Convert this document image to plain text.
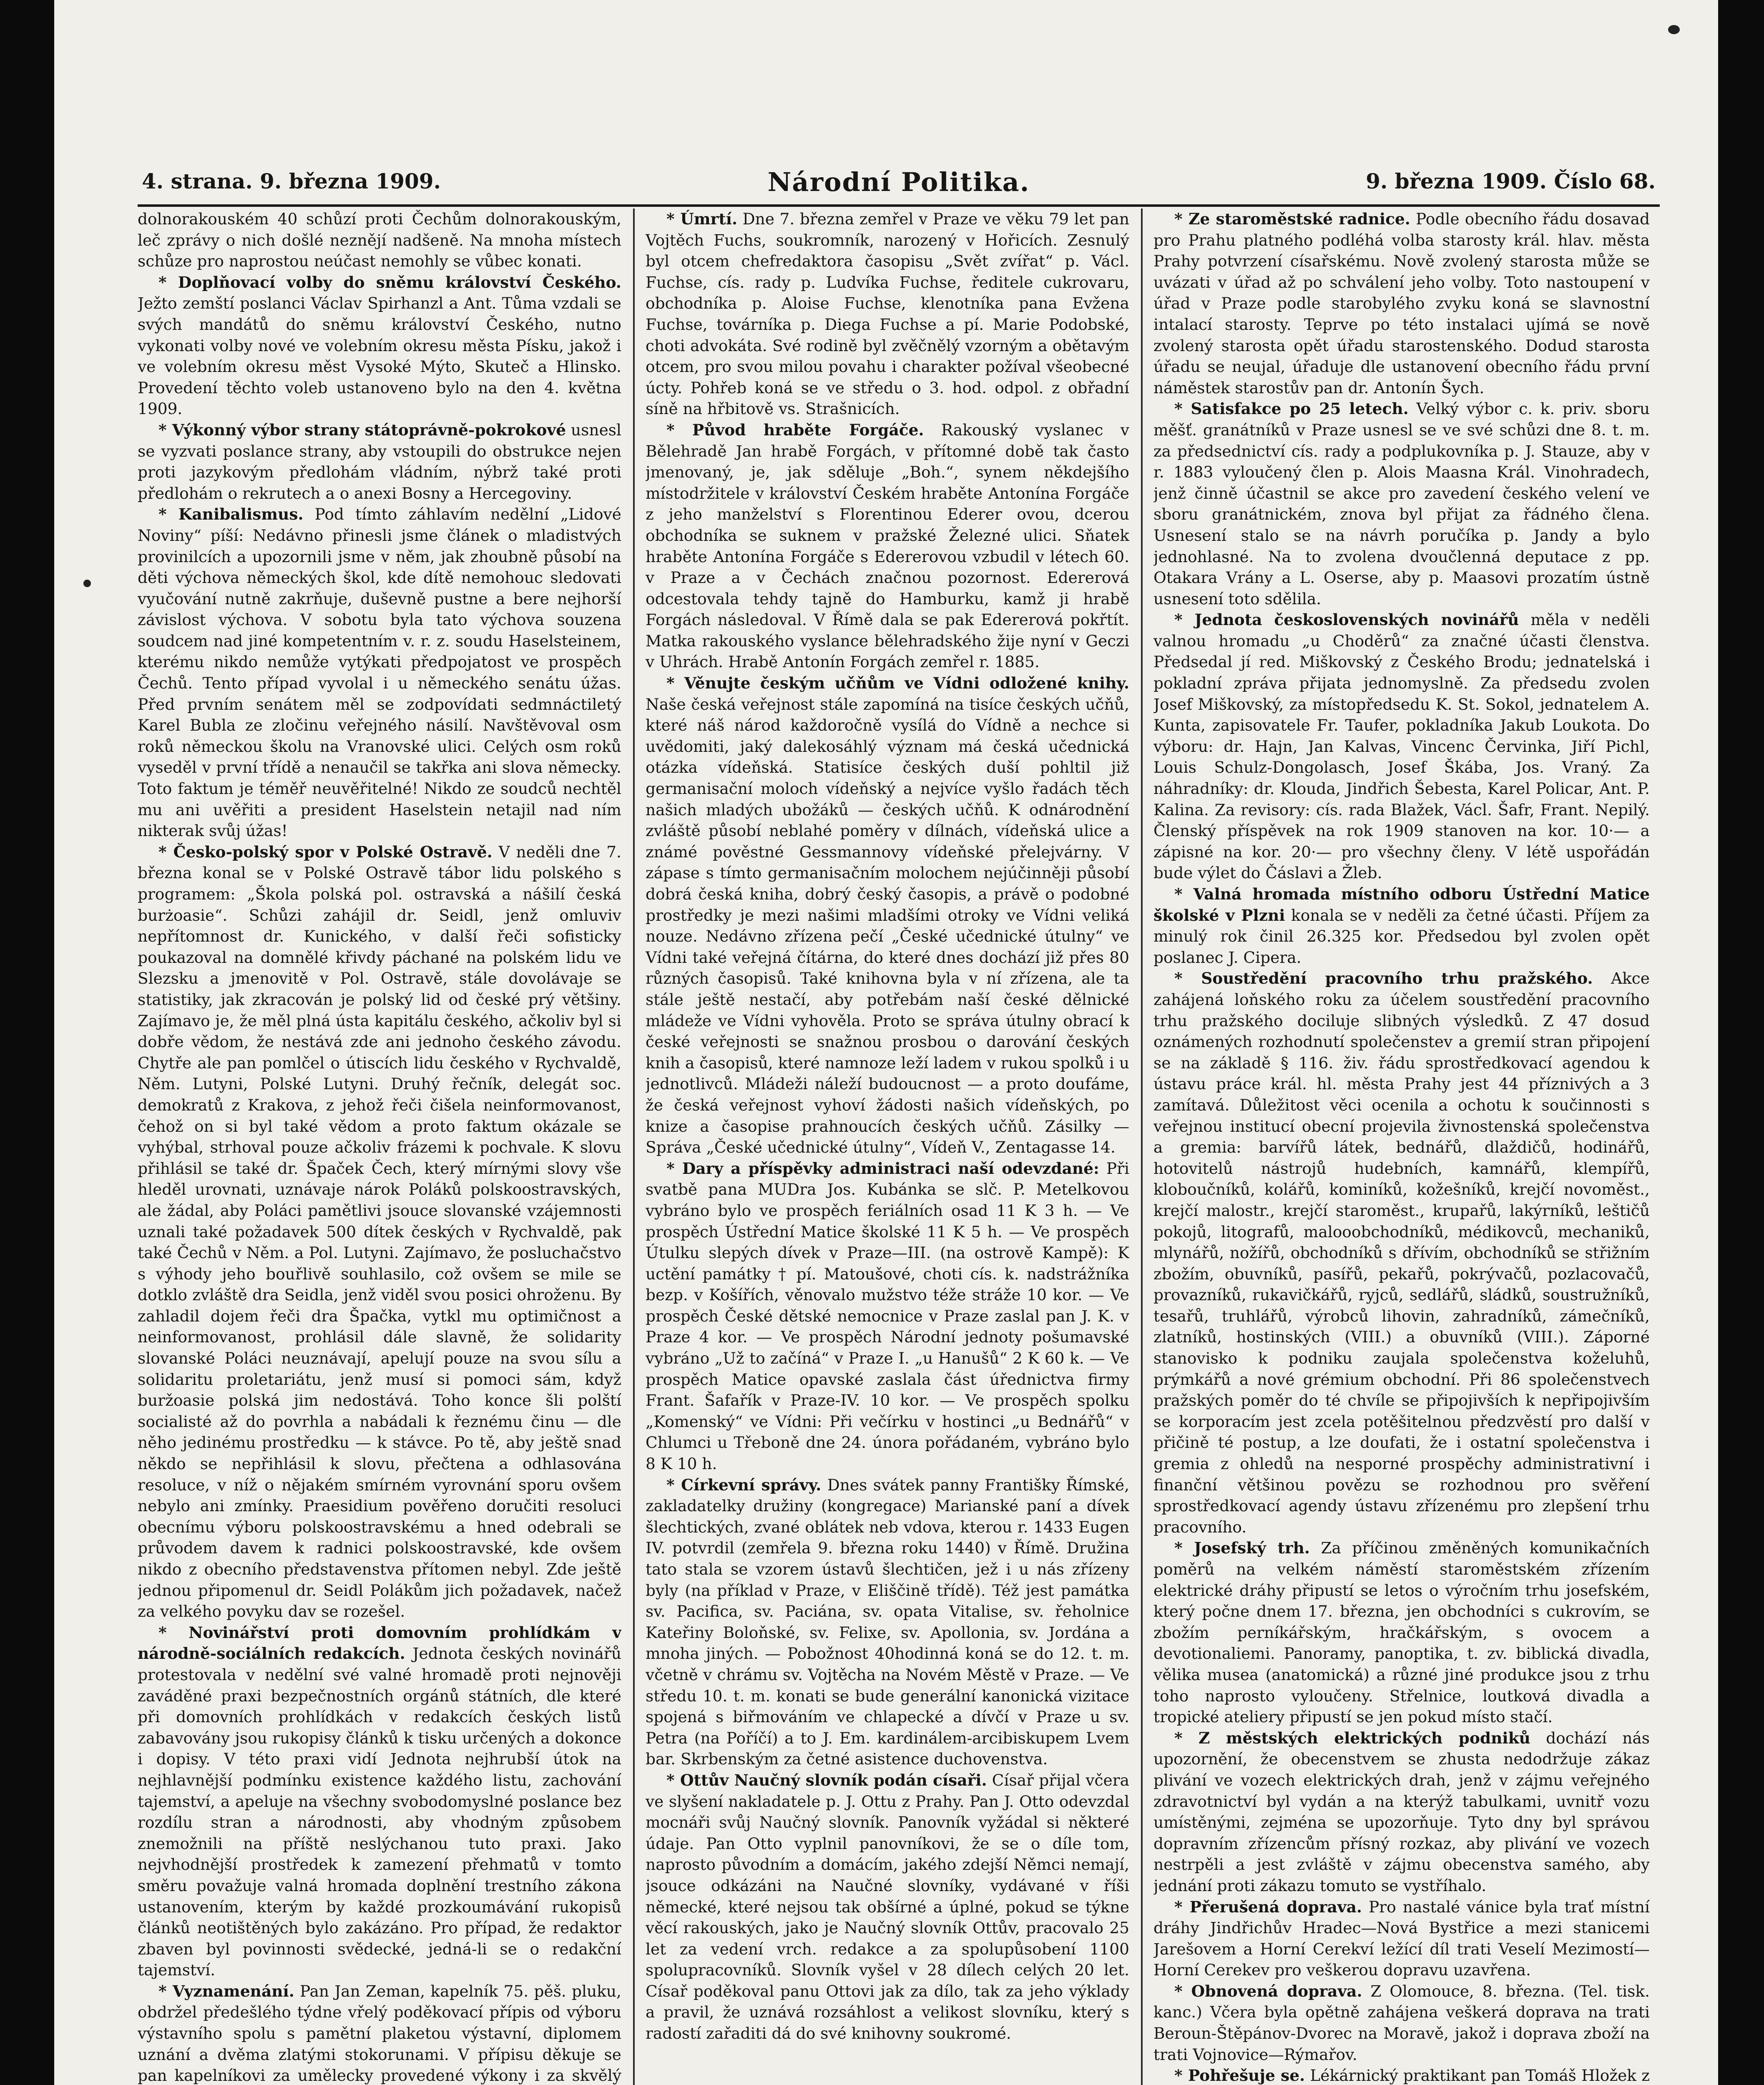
4. strana. 9. března 1909.	Národní Politika.	9. března 1909. Číslo 68.

dolnorakouském 40 schůzí proti Čechům dolnorakouským, leč zprávy o nich došlé neznějí nadšeně. Na mnoha místech schůze pro naprostou neúčast nemohly se vůbec konati.

* Doplňovací volby do sněmu království Českého. Ježto zemští poslanci Václav Spirhanzl a Ant. Tůma vzdali se svých mandátů do sněmu království Českého, nutno vykonati volby nové ve volebním okresu města Písku, jakož i ve volebním okresu měst Vysoké Mýto, Skuteč a Hlinsko. Provedení těchto voleb ustanoveno bylo na den 4. května 1909.

* Výkonný výbor strany státoprávně-pokrokové usnesl se vyzvati poslance strany, aby vstoupili do obstrukce nejen proti jazykovým předlohám vládním, nýbrž také proti předlohám o rekrutech a o anexi Bosny a Hercegoviny.

* Kanibalismus. Pod tímto záhlavím nedělní „Lidové Noviny“ píší: Nedávno přinesli jsme článek o mladistvých provinilcích a upozornili jsme v něm, jak zhoubně působí na děti výchova německých škol, kde dítě nemohouc sledovati vyučování nutně zakrňuje, duševně pustne a bere nejhorší závislost výchova. V sobotu byla tato výchova souzena soudcem nad jiné kompetentním v. r. z. soudu Haselsteinem, kterému nikdo nemůže vytýkati předpojatost ve prospěch Čechů. Tento případ vyvolal i u německého senátu úžas. Před prvním senátem měl se zodpovídati sedmnáctiletý Karel Bubla ze zločinu veřejného násilí. Navštěvoval osm roků německou školu na Vranovské ulici. Celých osm roků vyseděl v první třídě a nenaučil se takřka ani slova německy. Toto faktum je téměř neuvěřitelné! Nikdo ze soudců nechtěl mu ani uvěřiti a president Haselstein netajil nad ním nikterak svůj úžas!

* Česko-polský spor v Polské Ostravě. V neděli dne 7. března konal se v Polské Ostravě tábor lidu polského s programem: „Škola polská pol. ostravská a nášilí česká burżoasie“. Schůzi zahájil dr. Seidl, jenž omluviv nepřítomnost dr. Kunického, v další řeči sofisticky poukazoval na domnělé křivdy páchané na polském lidu ve Slezsku a jmenovitě v Pol. Ostravě, stále dovolávaje se statistiky, jak zkracován je polský lid od české prý většiny. Zajímavo je, že měl plná ústa kapitálu českého, ačkoliv byl si dobře vědom, že nestává zde ani jednoho českého závodu. Chytře ale pan pomlčel o útiscích lidu českého v Rychvaldě, Něm. Lutyni, Polské Lutyni. Druhý řečník, delegát soc. demokratů z Krakova, z jehož řeči čišela neinformovanost, čehož on si byl také vědom a proto faktum okázale se vyhýbal, strhoval pouze ačkoliv frázemi k pochvale. K slovu přihlásil se také dr. Špaček Čech, který mírnými slovy vše hleděl urovnati, uznávaje nárok Poláků polskoostravských, ale žádal, aby Poláci pamětlivi jsouce slovanské vzájemnosti uznali také požadavek 500 dítek českých v Rychvaldě, pak také Čechů v Něm. a Pol. Lutyni. Zajímavo, že posluchačstvo s výhody jeho bouřlivě souhlasilo, což ovšem se mile se dotklo zvláště dra Seidla, jenž viděl svou posici ohroženu. By zahladil dojem řeči dra Špačka, vytkl mu optimičnost a neinformovanost, prohlásil dále slavně, že solidarity slovanské Poláci neuznávají, apelují pouze na svou sílu a solidaritu proletariátu, jenž musí si pomoci sám, když buržoasie polská jim nedostává. Toho konce šli polští socialisté až do povrhla a nabádali k řeznému činu — dle něho jedinému prostředku — k stávce. Po tě, aby ještě snad někdo se nepřihlásil k slovu, přečtena a odhlasována resoluce, v níž o nějakém smírném vyrovnání sporu ovšem nebylo ani zmínky. Praesidium pověřeno doručiti resoluci obecnímu výboru polskoostravskému a hned odebrali se průvodem davem k radnici polskoostravské, kde ovšem nikdo z obecního představenstva přítomen nebyl. Zde ještě jednou připomenul dr. Seidl Polákům jich požadavek, načež za velkého povyku dav se rozešel.

* Novinářství proti domovním prohlídkám v národně-sociálních redakcích. Jednota českých novinářů protestovala v nedělní své valné hromadě proti nejnověji zaváděné praxi bezpečnostních orgánů státních, dle které při domovních prohlídkách v redakcích českých listů zabavovány jsou rukopisy článků k tisku určených a dokonce i dopisy. V této praxi vidí Jednota nejhrubší útok na nejhlavnější podmínku existence každého listu, zachování tajemství, a apeluje na všechny svobodomyslné poslance bez rozdílu stran a národnosti, aby vhodným způsobem znemožnili na příště neslýchanou tuto praxi. Jako nejvhodnější prostředek k zamezení přehmatů v tomto směru považuje valná hromada doplnění trestního zákona ustanovením, kterým by každé prozkoumávání rukopisů článků neotištěných bylo zakázáno. Pro případ, že redaktor zbaven byl povinnosti svědecké, jedná-li se o redakční tajemství.

* Vyznamenání. Pan Jan Zeman, kapelník 75. pěš. pluku, obdržel předešlého týdne vřelý poděkovací přípis od výboru výstavního spolu s pamětní plaketou výstavní, diplomem uznání a dvěma zlatými stokorunami. V přípisu děkuje se pan kapelníkovi za umělecky provedené výkony i za skvělý

* Úmrtí. Dne 7. března zemřel v Praze ve věku 79 let pan Vojtěch Fuchs, soukromník, narozený v Hořicích. Zesnulý byl otcem chefredaktora časopisu „Svět zvířat“ p. Václ. Fuchse, cís. rady p. Ludvíka Fuchse, ředitele cukrovaru, obchodníka p. Aloise Fuchse, klenotníka pana Evžena Fuchse, továrníka p. Diega Fuchse a pí. Marie Podobské, choti advokáta. Své rodině byl zvěčnělý vzorným a obětavým otcem, pro svou milou povahu i charakter požíval všeobecné úcty. Pohřeb koná se ve středu o 3. hod. odpol. z obřadní síně na hřbitově vs. Strašnicích.

* Původ hraběte Forgáče. Rakouský vyslanec v Bělehradě Jan hrabě Forgách, v přítomné době tak často jmenovaný, je, jak sděluje „Boh.“, synem někdejšího místodržitele v království Českém hraběte Antonína Forgáče z jeho manželství s Florentinou Ederer ovou, dcerou obchodníka se suknem v pražské Železné ulici. Sňatek hraběte Antonína Forgáče s Edererovou vzbudil v létech 60. v Praze a v Čechách značnou pozornost. Edererová odcestovala tehdy tajně do Hamburku, kamž ji hrabě Forgách následoval. V Římě dala se pak Edererová pokřtít. Matka rakouského vyslance bělehradského žije nyní v Geczi v Uhrách. Hrabě Antonín Forgách zemřel r. 1885.

* Věnujte českým učňům ve Vídni odložené knihy. Naše česká veřejnost stále zapomíná na tisíce českých učňů, které náš národ každoročně vysílá do Vídně a nechce si uvědomiti, jaký dalekosáhlý význam má česká učednická otázka vídeňská. Statisíce českých duší pohltil již germanisační moloch vídeňský a nejvíce vyšlo řadách těch našich mladých ubožáků — českých učňů. K odnárodnění zvláště působí neblahé poměry v dílnách, vídeňská ulice a známé pověstné Gessmannovy vídeňské přelejvárny. V zápase s tímto germanisačním molochem nejúčinněji působí dobrá česká kniha, dobrý český časopis, a právě o podobné prostředky je mezi našimi mladšími otroky ve Vídni veliká nouze. Nedávno zřízena pečí „České učednické útulny“ ve Vídni také veřejná čítárna, do které dnes dochází již přes 80 různých časopisů. Také knihovna byla v ní zřízena, ale ta stále ještě nestačí, aby potřebám naší české dělnické mládeže ve Vídni vyhověla. Proto se správa útulny obrací k české veřejnosti se snažnou prosbou o darování českých knih a časopisů, které namnoze leží ladem v rukou spolků i u jednotlivců. Mládeži náleží budoucnost — a proto doufáme, že česká veřejnost vyhoví žádosti našich vídeňských, po knize a časopise prahnoucích českých učňů. Zásilky — Správa „České učednické útulny“, Vídeň V., Zentagasse 14.

* Dary a příspěvky administraci naší odevzdané: Při svatbě pana MUDra Jos. Kubánka se slč. P. Metelkovou vybráno bylo ve prospěch feriálních osad 11 K 3 h. — Ve prospěch Ústřední Matice školské 11 K 5 h. — Ve prospěch Útulku slepých dívek v Praze—III. (na ostrově Kampě): K uctění památky † pí. Matoušové, choti cís. k. nadstrážníka bezp. v Košířích, věnovalo mužstvo téže stráže 10 kor. — Ve prospěch České dětské nemocnice v Praze zaslal pan J. K. v Praze 4 kor. — Ve prospěch Národní jednoty pošumavské vybráno „Už to začíná“ v Praze I. „u Hanušů“ 2 K 60 k. — Ve prospěch Matice opavské zaslala část úřednictva firmy Frant. Šafařík v Praze-IV. 10 kor. — Ve prospěch spolku „Komenský“ ve Vídni: Při večírku v hostinci „u Bednářů“ v Chlumci u Třeboně dne 24. února pořádaném, vybráno bylo 8 K 10 h.

* Církevní správy. Dnes svátek panny Františky Římské, zakladatelky družiny (kongregace) Marianské paní a dívek šlechtických, zvané oblátek neb vdova, kterou r. 1433 Eugen IV. potvrdil (zemřela 9. března roku 1440) v Římě. Družina tato stala se vzorem ústavů šlechtičen, jež i u nás zřízeny byly (na příklad v Praze, v Eliščině třídě). Též jest památka sv. Pacifica, sv. Paciána, sv. opata Vitalise, sv. řeholnice Kateřiny Boloňské, sv. Felixe, sv. Apollonia, sv. Jordána a mnoha jiných. — Pobožnost 40hodinná koná se do 12. t. m. včetně v chrámu sv. Vojtěcha na Novém Městě v Praze. — Ve středu 10. t. m. konati se bude generální kanonická vizitace spojená s biřmováním ve chlapecké a dívčí v Praze u sv. Petra (na Poříčí) a to J. Em. kardinálem-arcibiskupem Lvem bar. Skrbenským za četné asistence duchovenstva.

* Ottův Naučný slovník podán císaři. Císař přijal včera ve slyšení nakladatele p. J. Ottu z Prahy. Pan J. Otto odevzdal mocnáři svůj Naučný slovník. Panovník vyžádal si některé údaje. Pan Otto vyplnil panovníkovi, že se o díle tom, naprosto původním a domácím, jakého zdejší Němci nemají, jsouce odkázáni na Naučné slovníky, vydávané v říši německé, které nejsou tak obšírné a úplné, pokud se týkne věcí rakouských, jako je Naučný slovník Ottův, pracovalo 25 let za vedení vrch. redakce a za spolupůsobení 1100 spolupracovníků. Slovník vyšel v 28 dílech celých 20 let. Císař poděkoval panu Ottovi jak za dílo, tak za jeho výklady a pravil, že uznává rozsáhlost a velikost slovníku, který s radostí zařaditi dá do své knihovny soukromé.

* Ze staroměstské radnice. Podle obecního řádu dosavad pro Prahu platného podléhá volba starosty král. hlav. města Prahy potvrzení císařskému. Nově zvolený starosta může se uvázati v úřad až po schválení jeho volby. Toto nastoupení v úřad v Praze podle starobylého zvyku koná se slavnostní intalací starosty. Teprve po této instalaci ujímá se nově zvolený starosta opět úřadu starostenského. Dodud starosta úřadu se neujal, úřaduje dle ustanovení obecního řádu první náměstek starostův pan dr. Antonín Šych.

* Satisfakce po 25 letech. Velký výbor c. k. priv. sboru měšť. granátníků v Praze usnesl se ve své schůzi dne 8. t. m. za předsednictví cís. rady a podplukovníka p. J. Stauze, aby v r. 1883 vyloučený člen p. Alois Maasna Král. Vinohradech, jenž činně účastnil se akce pro zavedení českého velení ve sboru granátnickém, znova byl přijat za řádného člena. Usnesení stalo se na návrh poručíka p. Jandy a bylo jednohlasné. Na to zvolena dvoučlenná deputace z pp. Otakara Vrány a L. Oserse, aby p. Maasovi prozatím ústně usnesení toto sdělila.

* Jednota československých novinářů měla v neděli valnou hromadu „u Choděrů“ za značné účasti členstva. Předsedal jí red. Miškovský z Českého Brodu; jednatelská i pokladní zpráva přijata jednomyslně. Za předsedu zvolen Josef Miškovský, za místopředsedu K. St. Sokol, jednatelem A. Kunta, zapisovatele Fr. Taufer, pokladníka Jakub Loukota. Do výboru: dr. Hajn, Jan Kalvas, Vincenc Červinka, Jiří Pichl, Louis Schulz-Dongolasch, Josef Škába, Jos. Vraný. Za náhradníky: dr. Klouda, Jindřich Šebesta, Karel Policar, Ant. P. Kalina. Za revisory: cís. rada Blažek, Václ. Šafr, Frant. Nepilý. Členský příspěvek na rok 1909 stanoven na kor. 10·— a zápisné na kor. 20·— pro všechny členy. V létě uspořádán bude výlet do Čáslavi a Žleb.

* Valná hromada místního odboru Ústřední Matice školské v Plzni konala se v neděli za četné účasti. Příjem za minulý rok činil 26.325 kor. Předsedou byl zvolen opět poslanec J. Cipera.

* Soustředění pracovního trhu pražského. Akce zahájená loňského roku za účelem soustředění pracovního trhu pražského dociluje slibných výsledků. Z 47 dosud oznámených rozhodnutí společenstev a gremií stran připojení se na základě § 116. živ. řádu sprostředkovací agendou k ústavu práce král. hl. města Prahy jest 44 příznivých a 3 zamítavá. Důležitost věci ocenila a ochotu k součinnosti s veřejnou institucí obecní projevila živnostenská společenstva a gremia: barvířů látek, bednářů, dlaždičů, hodinářů, hotovitelů nástrojů hudebních, kamnářů, klempířů, kloboučníků, kolářů, kominíků, kožešníků, krejčí novoměst., krejčí malostr., krejčí staroměst., krupařů, lakýrníků, leštičů pokojů, litografů, malooobchodníků, médikovců, mechaniků, mlynářů, nožířů, obchodníků s dřívím, obchodníků se střižním zbožím, obuvníků, pasířů, pekařů, pokrývačů, pozlacovačů, provazníků, rukavičkářů, ryjců, sedlářů, sládků, soustružníků, tesařů, truhlářů, výrobců lihovin, zahradníků, zámečníků, zlatníků, hostinských (VIII.) a obuvníků (VIII.). Záporné stanovisko k podniku zaujala společenstva koželuhů, prýmkářů a nové grémium obchodní. Při 86 společenstvech pražských poměr do té chvíle se připojivších k nepřipojivším se korporacím jest zcela potěšitelnou předzvěstí pro další v přičině té postup, a lze doufati, že i ostatní společenstva i gremia z ohledů na nesporné prospěchy administrativní i finanční většinou povězu se rozhodnou pro svěření sprostředkovací agendy ústavu zřízenému pro zlepšení trhu pracovního.

* Josefský trh. Za příčinou změněných komunikačních poměrů na velkém náměstí staroměstském zřízením elektrické dráhy připustí se letos o výročním trhu josefském, který počne dnem 17. března, jen obchodníci s cukrovím, se zbožím perníkářským, hračkářským, s ovocem a devotionaliemi. Panoramy, panoptika, t. zv. biblická divadla, vělika musea (anatomická) a různé jiné produkce jsou z trhu toho naprosto vyloučeny. Střelnice, loutková divadla a tropické ateliery připustí se jen pokud místo stačí.

* Z městských elektrických podniků dochází nás upozornění, že obecenstvem se zhusta nedodržuje zákaz plivání ve vozech elektrických drah, jenž v zájmu veřejného zdravotnictví byl vydán a na kterýž tabulkami, uvnitř vozu umístěnými, zejména se upozorňuje. Tyto dny byl správou dopravním zřízencům přísný rozkaz, aby plivání ve vozech nestrpěli a jest zvláště v zájmu obecenstva samého, aby jednání proti zákazu tomuto se vystříhalo.

* Přerušená doprava. Pro nastalé vánice byla trať místní dráhy Jindřichův Hradec—Nová Bystřice a mezi stanicemi Jarešovem a Horní Cerekví ležící díl trati Veselí Mezimostí—Horní Cerekev pro veškerou dopravu uzavřena.

* Obnovená doprava. Z Olomouce, 8. března. (Tel. tisk. kanc.) Včera byla opětně zahájena veškerá doprava na trati Beroun-Štěpánov-Dvorec na Moravě, jakož i doprava zboží na trati Vojnovice—Rýmařov.

* Pohřešuje se. Lékárnický praktikant pan Tomáš Hložek z
